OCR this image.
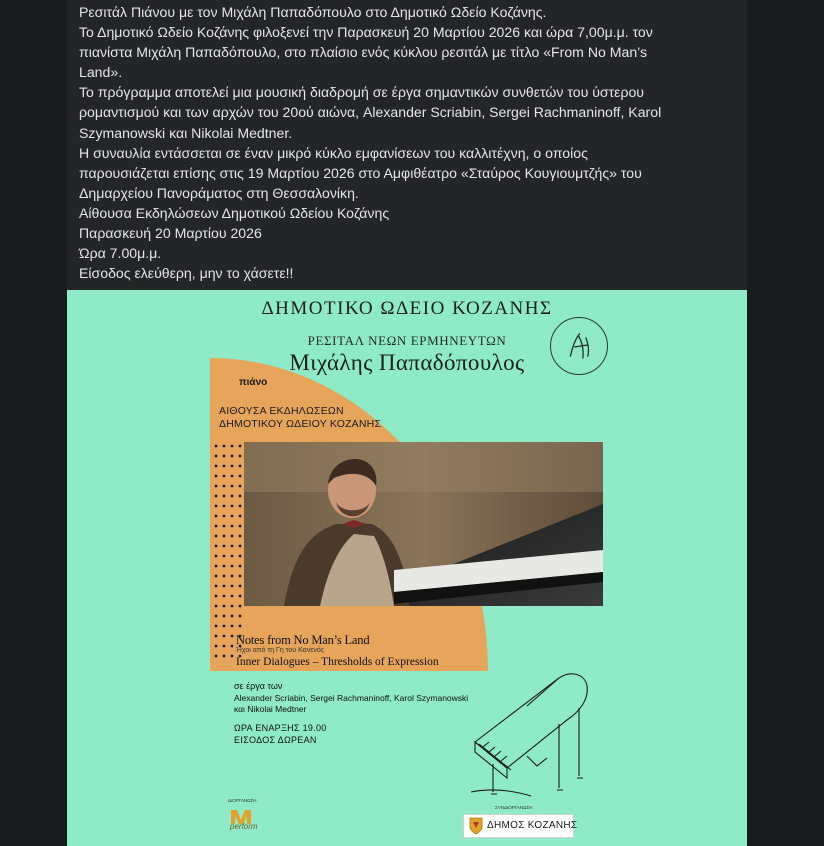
Ρεσιτάλ Πιάνου με τον Μιχάλη Παπαδόπουλο στο Δημοτικό Ωδείο Κοζάνης.
Το Δημοτικό Ωδείο Κοζάνης φιλοξενεί την Παρασκευή 20 Μαρτίου 2026 και ώρα 7,00μ.μ. τον
πιανίστα Μιχάλη Παπαδόπουλο, στο πλαίσιο ενός κύκλου ρεσιτάλ με τίτλο «From No Man’s
Land».
Το πρόγραμμα αποτελεί μια μουσική διαδρομή σε έργα σημαντικών συνθετών του ύστερου
ρομαντισμού και των αρχών του 20ού αιώνα, Alexander Scriabin, Sergei Rachmaninoff, Karol
Szymanowski και Nikolai Medtner.
Η συναυλία εντάσσεται σε έναν μικρό κύκλο εμφανίσεων του καλλιτέχνη, ο οποίος
παρουσιάζεται επίσης στις 19 Μαρτίου 2026 στο Αμφιθέατρο «Σταύρος Κουγιουμτζής» του
Δημαρχείου Πανοράματος στη Θεσσαλονίκη.
Αίθουσα Εκδηλώσεων Δημοτικού Ωδείου Κοζάνης
Παρασκευή 20 Μαρτίου 2026
Ώρα 7.00μ.μ.
Είσοδος ελεύθερη, μην το χάσετε!!
ΔΗΜΟΤΙΚΟ ΩΔΕΙΟ ΚΟΖΑΝΗΣ
ΡΕΣΙΤΑΛ ΝΕΩΝ ΕΡΜΗΝΕΥΤΩΝ
Μιχάλης Παπαδόπουλος
πιάνο
ΑΙΘΟΥΣΑ ΕΚΔΗΛΩΣΕΩΝ
ΔΗΜΟΤΙΚΟΥ ΩΔΕΙΟΥ ΚΟΖΑΝΗΣ
Notes from No Man’s Land
Ήχοι από τη Γη του Κανενός
Inner Dialogues – Thresholds of Expression
σε έργα των
Alexander Scriabin, Sergei Rachmaninoff, Karol Szymanowski
και Nikolai Medtner
ΩΡΑ ΕΝΑΡΞΗΣ 19.00
ΕΙΣΟΔΟΣ ΔΩΡΕΑΝ
ΔΙΟΡΓΑΝΩΣΗ
perform
ΣΥΝΔΙΟΡΓΑΝΩΣΗ
ΔΗΜΟΣ ΚΟΖΑΝΗΣ
